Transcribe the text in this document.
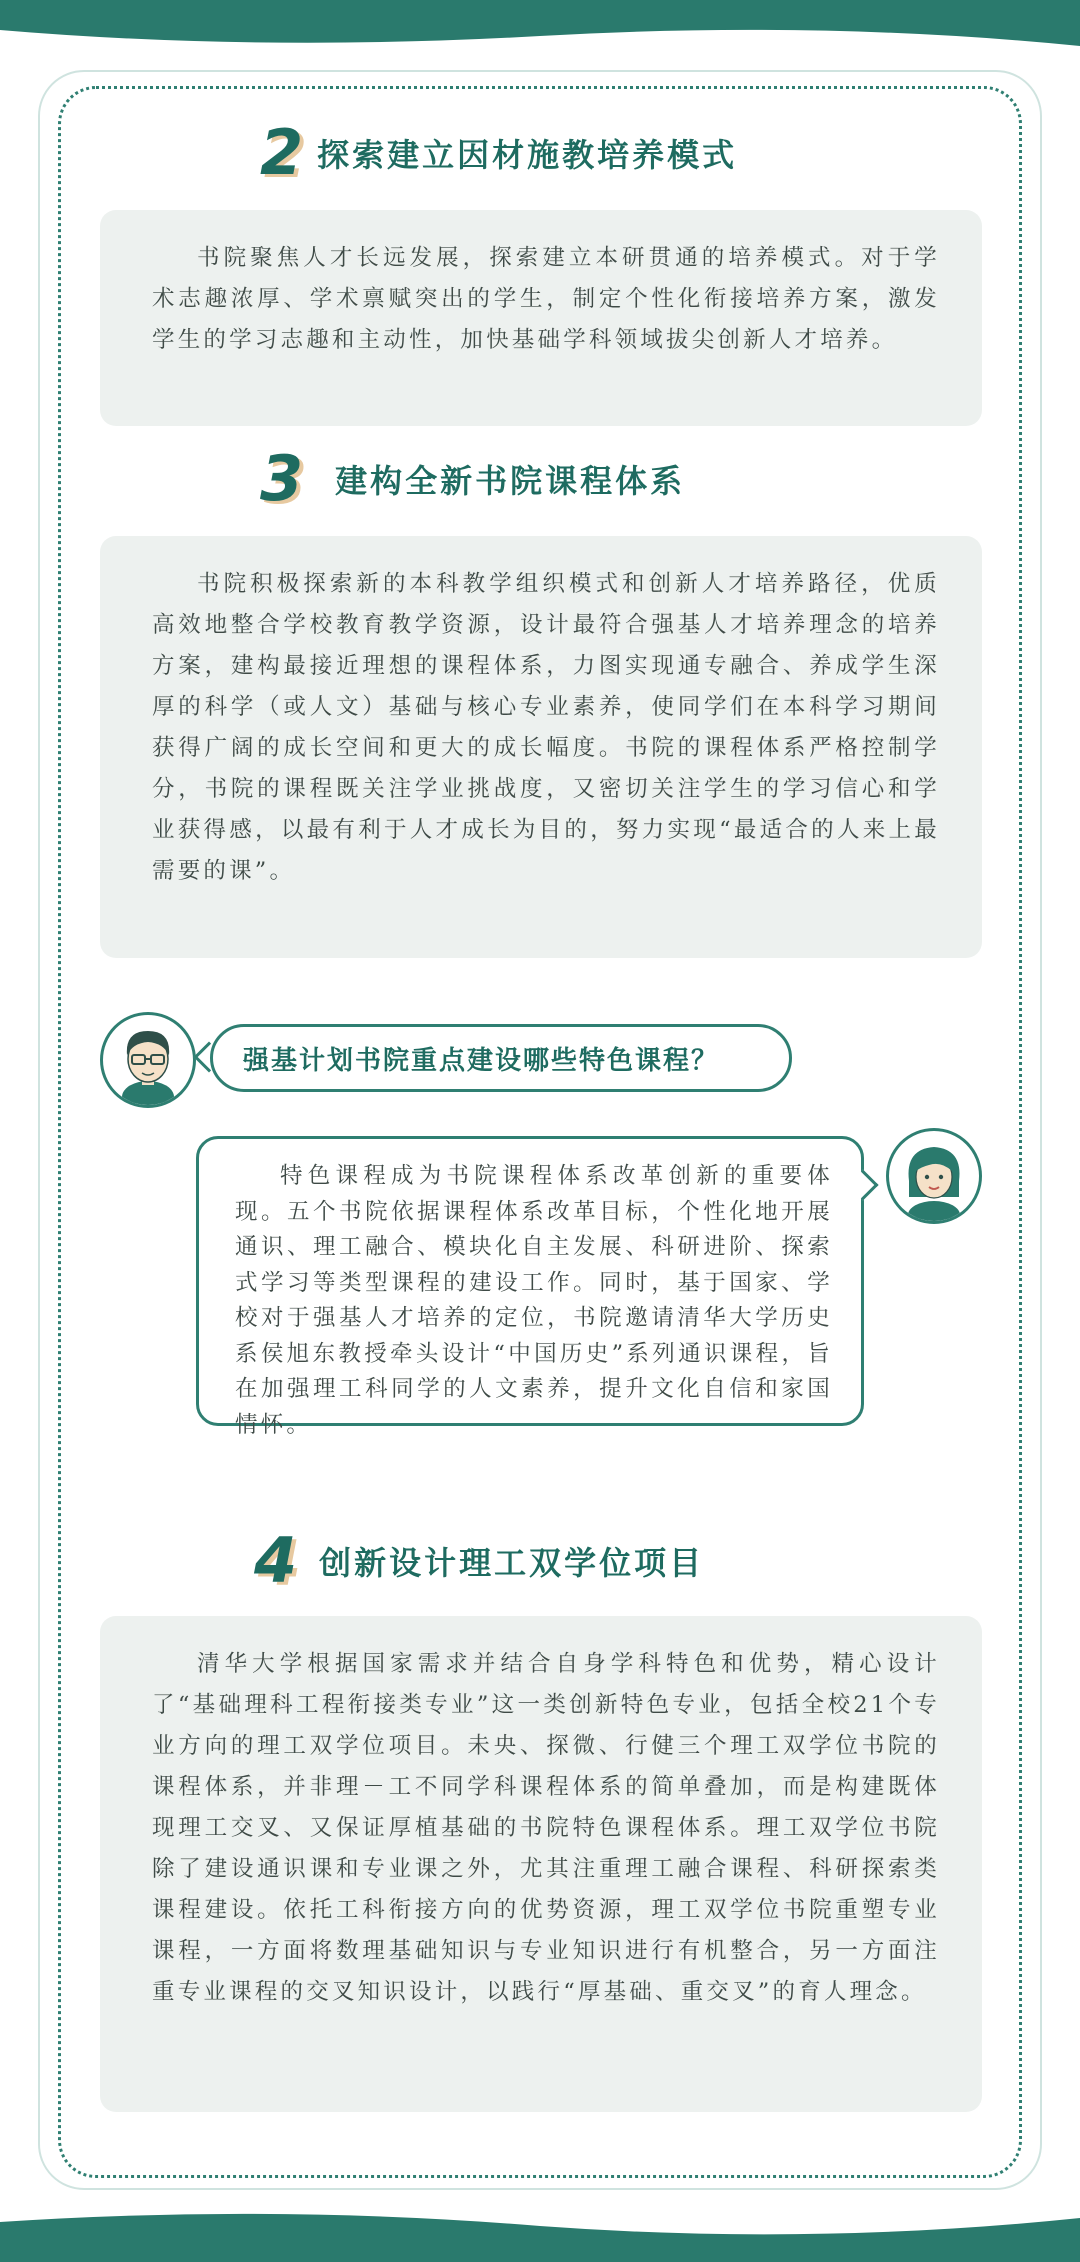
2 探索建立因材施教培养模式

书院聚焦人才长远发展，探索建立本研贯通的培养模式。对于学术志趣浓厚、学术禀赋突出的学生，制定个性化衔接培养方案，激发学生的学习志趣和主动性，加快基础学科领域拔尖创新人才培养。

3 建构全新书院课程体系

书院积极探索新的本科教学组织模式和创新人才培养路径，优质高效地整合学校教育教学资源，设计最符合强基人才培养理念的培养方案，建构最接近理想的课程体系，力图实现通专融合、养成学生深厚的科学（或人文）基础与核心专业素养，使同学们在本科学习期间获得广阔的成长空间和更大的成长幅度。书院的课程体系严格控制学分，书院的课程既关注学业挑战度，又密切关注学生的学习信心和学业获得感，以最有利于人才成长为目的，努力实现“最适合的人来上最需要的课”。

强基计划书院重点建设哪些特色课程？

特色课程成为书院课程体系改革创新的重要体现。五个书院依据课程体系改革目标，个性化地开展通识、理工融合、模块化自主发展、科研进阶、探索式学习等类型课程的建设工作。同时，基于国家、学校对于强基人才培养的定位，书院邀请清华大学历史系侯旭东教授牵头设计“中国历史”系列通识课程，旨在加强理工科同学的人文素养，提升文化自信和家国情怀。

4 创新设计理工双学位项目

清华大学根据国家需求并结合自身学科特色和优势，精心设计了“基础理科工程衔接类专业”这一类创新特色专业，包括全校21个专业方向的理工双学位项目。未央、探微、行健三个理工双学位书院的课程体系，并非理－工不同学科课程体系的简单叠加，而是构建既体现理工交叉、又保证厚植基础的书院特色课程体系。理工双学位书院除了建设通识课和专业课之外，尤其注重理工融合课程、科研探索类课程建设。依托工科衔接方向的优势资源，理工双学位书院重塑专业课程，一方面将数理基础知识与专业知识进行有机整合，另一方面注重专业课程的交叉知识设计，以践行“厚基础、重交叉”的育人理念。
